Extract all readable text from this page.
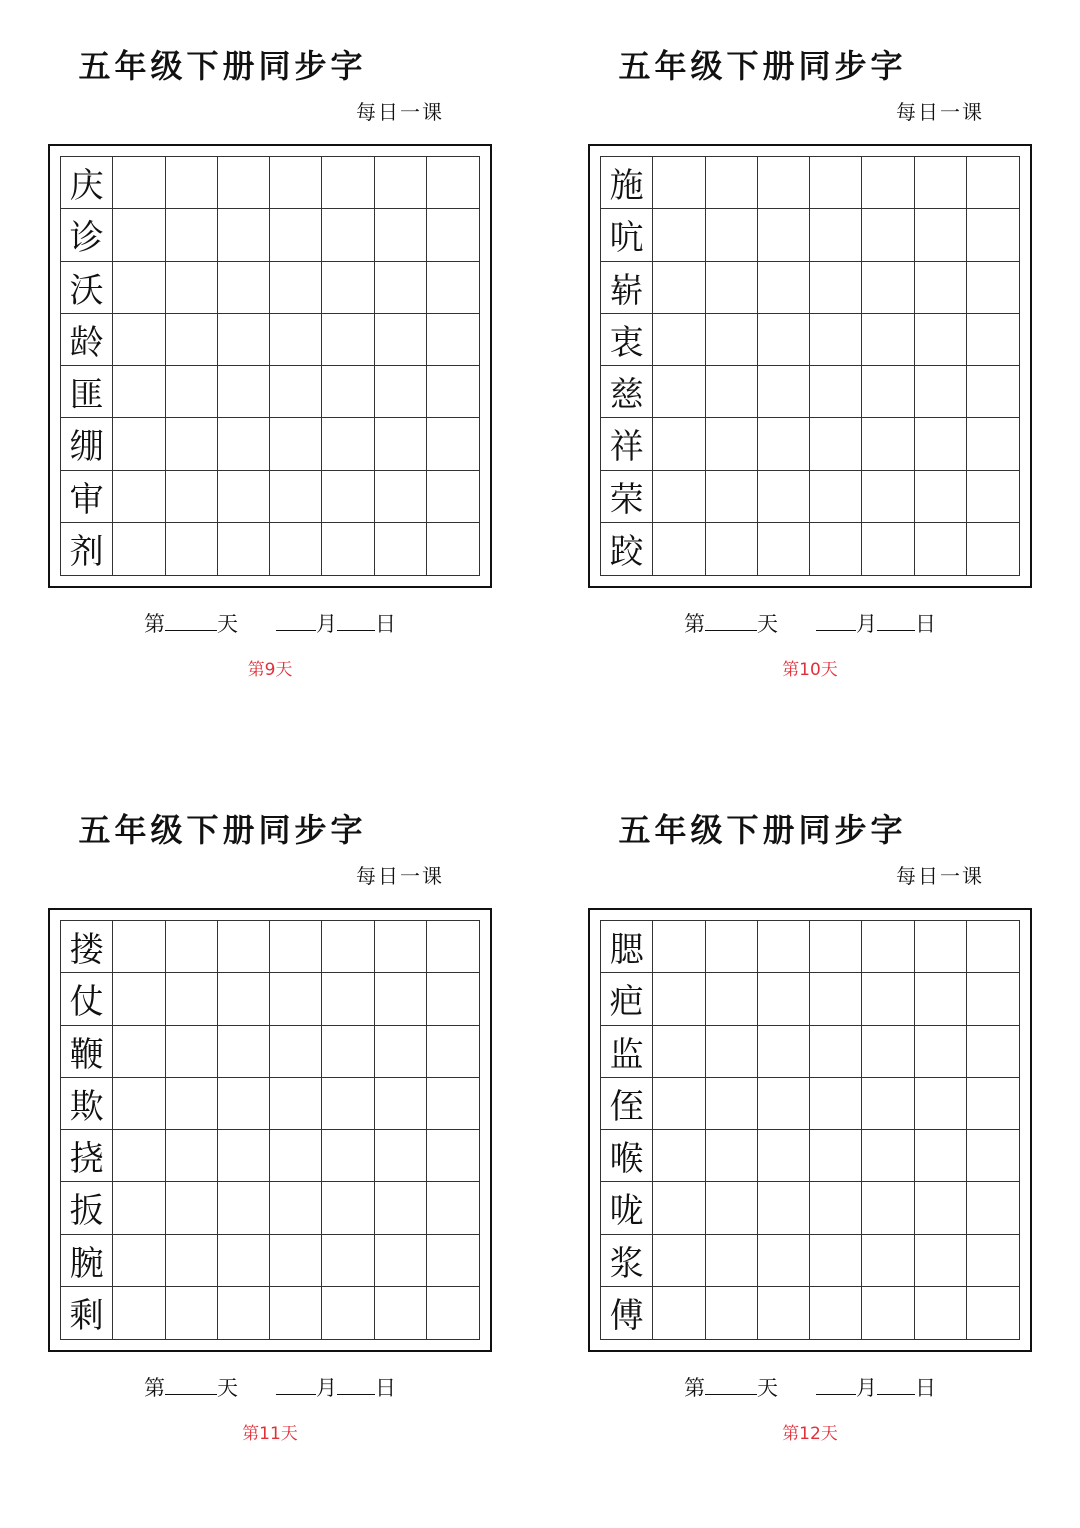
五年级下册同步字
每日一课
庆
诊
沃
龄
匪
绷
审
剂
第 天	月 日
第9天
五年级下册同步字
每日一课
施
吭
崭
衷
慈
祥
荣
跤
第 天	月 日
第10天
五年级下册同步字
每日一课
搂
仗
鞭
欺
挠
扳
腕
剩
第 天	月 日
第11天
五年级下册同步字
每日一课
腮
疤
监
侄
喉
咙
浆
傅
第 天	月 日
第12天
